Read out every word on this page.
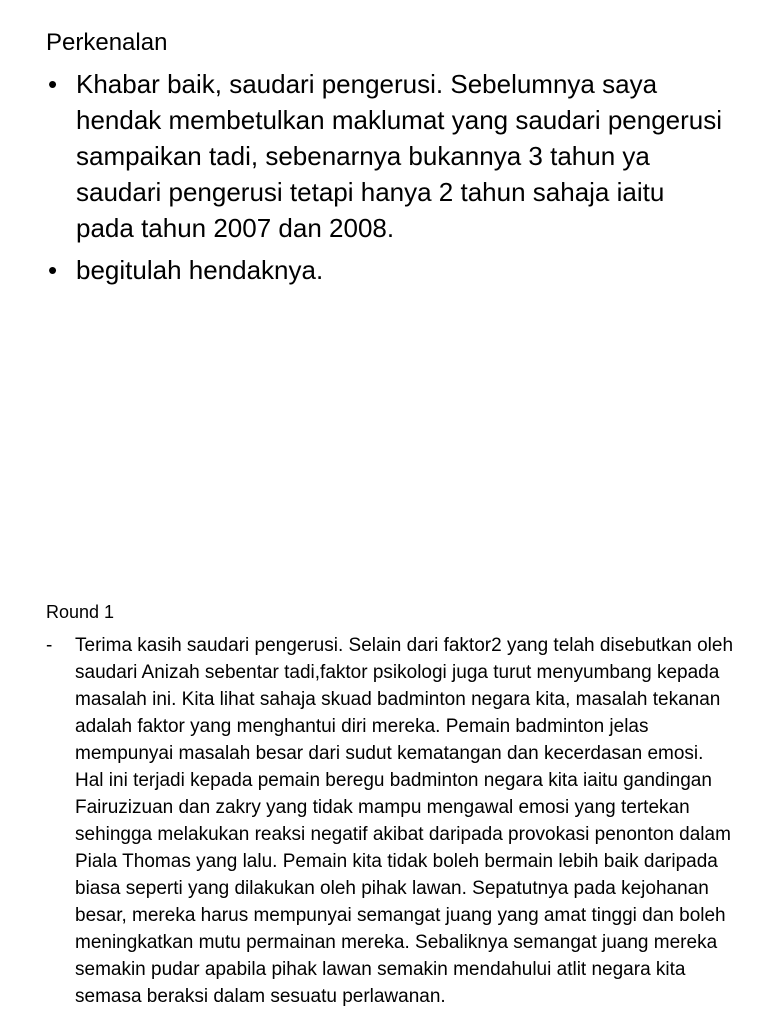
Perkenalan
• Khabar baik, saudari pengerusi. Sebelumnya saya hendak membetulkan maklumat yang saudari pengerusi sampaikan tadi, sebenarnya bukannya 3 tahun ya saudari pengerusi tetapi hanya 2 tahun sahaja iaitu pada tahun 2007 dan 2008.
• begitulah hendaknya.
Round 1
- Terima kasih saudari pengerusi. Selain dari faktor2 yang telah disebutkan oleh saudari Anizah sebentar tadi,faktor psikologi juga turut menyumbang kepada masalah ini. Kita lihat sahaja skuad badminton negara kita, masalah tekanan adalah faktor yang menghantui diri mereka. Pemain badminton jelas mempunyai masalah besar dari sudut kematangan dan kecerdasan emosi. Hal ini terjadi kepada pemain beregu badminton negara kita iaitu gandingan Fairuzizuan dan zakry yang tidak mampu mengawal emosi yang tertekan sehingga melakukan reaksi negatif akibat daripada provokasi penonton dalam Piala Thomas yang lalu. Pemain kita tidak boleh bermain lebih baik daripada biasa seperti yang dilakukan oleh pihak lawan. Sepatutnya pada kejohanan besar, mereka harus mempunyai semangat juang yang amat tinggi dan boleh meningkatkan mutu permainan mereka. Sebaliknya semangat juang mereka semakin pudar apabila pihak lawan semakin mendahului atlit negara kita semasa beraksi dalam sesuatu perlawanan.
